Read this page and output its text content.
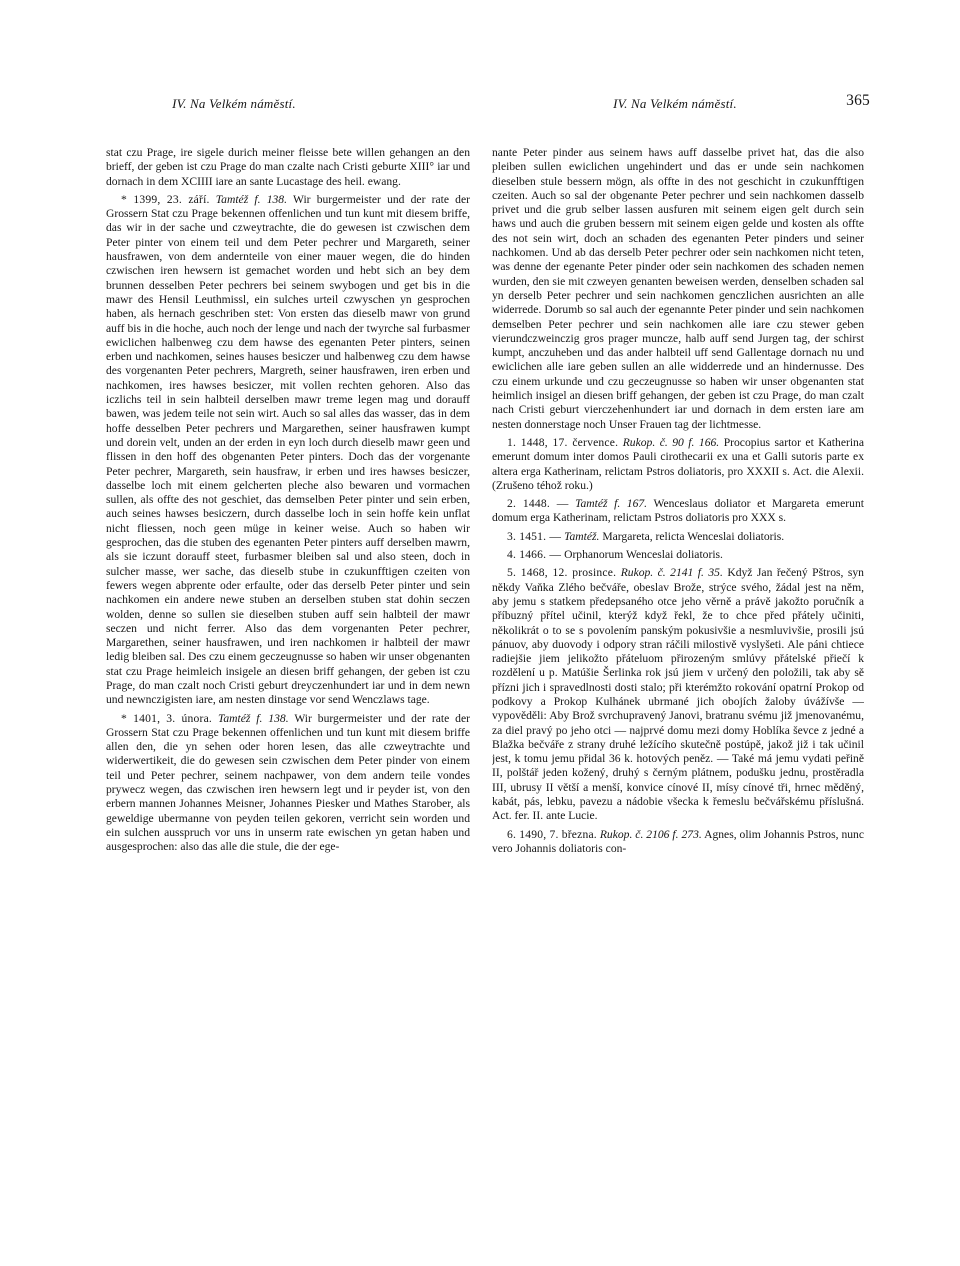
IV. Na Velkém náměstí.	IV. Na Velkém náměstí.	365

stat czu Prage, ire sigele durich meiner fleisse bete willen gehangen an den brieff, der geben ist czu Prage do man czalte nach Cristi geburte XIII° iar und dornach in dem XCIIII iare an sante Lucastage des heil. ewang.

* 1399, 23. září. Tamtéž f. 138. Wir burgermeister und der rate der Grossern Stat czu Prage bekennen offenlichen und tun kunt mit diesem briffe, das wir in der sache und czweytrachte, die do gewesen ist czwischen dem Peter pinter von einem teil und dem Peter pechrer und Margareth, seiner hausfrawen, von dem andernteile von einer mauer wegen, die do hinden czwischen iren hewsern ist gemachet worden und hebt sich an bey dem brunnen desselben Peter pechrers bei seinem swybogen und get bis in die mawr des Hensil Leuthmissl, ein sulches urteil czwyschen yn gesprochen haben, als hernach geschriben stet: Von ersten das dieselb mawr von grund auff bis in die hoche, auch noch der lenge und nach der twyrche sal furbasmer ewiclichen halbenweg czu dem hawse des egenanten Peter pinters, seinen erben und nachkomen, seines hauses besiczer und halbenweg czu dem hawse des vorgenanten Peter pechrers, Margreth, seiner hausfrawen, iren erben und nachkomen, ires hawses besiczer, mit vollen rechten gehoren. Also das iczlichs teil in sein halbteil derselben mawr treme legen mag und dorauff bawen, was jedem teile not sein wirt. Auch so sal alles das wasser, das in dem hoffe desselben Peter pechrers und Margarethen, seiner hausfrawen kumpt und dorein velt, unden an der erden in eyn loch durch dieselb mawr geen und flissen in den hoff des obgenanten Peter pinters. Doch das der vorgenante Peter pechrer, Margareth, sein hausfraw, ir erben und ires hawses besiczer, dasselbe loch mit einem gelcherten pleche also bewaren und vormachen sullen, als offte des not geschiet, das demselben Peter pinter und sein erben, auch seines hawses besiczern, durch dasselbe loch in sein hoffe kein unflat nicht fliessen, noch geen müge in keiner weise. Auch so haben wir gesprochen, das die stuben des egenanten Peter pinters auff derselben mawrn, als sie iczunt dorauff steet, furbasmer bleiben sal und also steen, doch in sulcher masse, wer sache, das dieselb stube in czukunfftigen czeiten von fewers wegen abprente oder erfaulte, oder das derselb Peter pinter und sein nachkomen ein andere newe stuben an derselben stuben stat dohin seczen wolden, denne so sullen sie dieselben stuben auff sein halbteil der mawr seczen und nicht ferrer. Also das dem vorgenanten Peter pechrer, Margarethen, seiner hausfrawen, und iren nachkomen ir halbteil der mawr ledig bleiben sal. Des czu einem geczeugnusse so haben wir unser obgenanten stat czu Prage heimleich insigele an diesen briff gehangen, der geben ist czu Prage, do man czalt noch Cristi geburt dreyczenhundert iar und in dem newn und newnczigisten iare, am nesten dinstage vor send Wenczlaws tage.

* 1401, 3. února. Tamtéž f. 138. Wir burgermeister und der rate der Grossern Stat czu Prage bekennen offenlichen und tun kunt mit diesem briffe allen den, die yn sehen oder horen lesen, das alle czweytrachte und widerwertikeit, die do gewesen sein czwischen dem Peter pinder von einem teil und Peter pechrer, seinem nachpawer, von dem andern teile vondes prywecz wegen, das czwischen iren hewsern legt und ir peyder ist, von den erbern mannen Johannes Meisner, Johannes Piesker und Mathes Starober, als geweldige ubermanne von peyden teilen gekoren, verricht sein worden und ein sulchen ausspruch vor uns in unserm rate ewischen yn getan haben und ausgesprochen: also das alle die stule, die der ege-

nante Peter pinder aus seinem haws auff dasselbe privet hat, das die also pleiben sullen ewiclichen ungehindert und das er unde sein nachkomen dieselben stule bessern mögn, als offte in des not geschicht in czukunfftigen czeiten. Auch so sal der obgenante Peter pechrer und sein nachkomen dasselb privet und die grub selber lassen ausfuren mit seinem eigen gelt durch sein haws und auch die gruben bessern mit seinem eigen gelde und kosten als offte des not sein wirt, doch an schaden des egenanten Peter pinders und seiner nachkomen. Und ab das derselb Peter pechrer oder sein nachkomen nicht teten, was denne der egenante Peter pinder oder sein nachkomen des schaden nemen wurden, den sie mit czweyen genanten beweisen werden, denselben schaden sal yn derselb Peter pechrer und sein nachkomen genczlichen ausrichten an alle widerrede. Dorumb so sal auch der egenannte Peter pinder und sein nachkomen demselben Peter pechrer und sein nachkomen alle iare czu stewer geben vierundczweinczig gros prager muncze, halb auff send Jurgen tag, der schirst kumpt, anczuheben und das ander halbteil uff send Gallentage dornach nu und ewiclichen alle iare geben sullen an alle widderrede und an hindernusse. Des czu einem urkunde und czu geczeugnusse so haben wir unser obgenanten stat heimlich insigel an diesen briff gehangen, der geben ist czu Prage, do man czalt nach Cristi geburt vierczehenhundert iar und dornach in dem ersten iare am nesten donnerstage noch Unser Frauen tag der lichtmesse.

1. 1448, 17. července. Rukop. č. 90 f. 166. Procopius sartor et Katherina emerunt domum inter domos Pauli cirothecarii ex una et Galli sutoris parte ex altera erga Katherinam, relictam Pstros doliatoris, pro XXXII s. Act. die Alexii. (Zrušeno téhož roku.)

2. 1448. — Tamtéž f. 167. Wenceslaus doliator et Margareta emerunt domum erga Katherinam, relictam Pstros doliatoris pro XXX s.

3. 1451. — Tamtéž. Margareta, relicta Wenceslai doliatoris.

4. 1466. — Orphanorum Wenceslai doliatoris.

5. 1468, 12. prosince. Rukop. č. 2141 f. 35. Když Jan řečený Pštros, syn někdy Vaňka Zlého bečváře, obeslav Brože, strýce svého, žádal jest na něm, aby jemu s statkem předepsaného otce jeho věrně a právě jakožto poručník a příbuzný přítel učinil, kterýž když řekl, že to chce před přátely učiniti, několikrát o to se s povolením panským pokusivšie a nesmluvivšie, prosili jsú pánuov, aby duovody i odpory stran ráčili milostivě vyslyšeti. Ale páni chtiece radiejšie jiem jelikožto přáteluom přirozeným smlúvy přátelské přiečí k rozdělení u p. Matúšie Šerlinka rok jsú jiem v určený den položili, tak aby sě přízni jich i spravedlnosti dosti stalo; při kterémžto rokování opatrní Prokop od podkovy a Prokop Kulhánek ubrmané jich obojích žaloby úvážívše — vypověděli: Aby Brož svrchupravený Janovi, bratranu svému již jmenovanému, za diel pravý po jeho otci — najprvé domu mezi domy Hoblíka ševce z jedné a Blažka bečváře z strany druhé ležícího skutečně postúpě, jakož již i tak učinil jest, k tomu jemu přidal 36 k. hotových peněz. — Také má jemu vydati peřině II, polštář jeden kožený, druhý s černým plátnem, podušku jednu, prostěradla III, ubrusy II větší a menší, konvice cínové II, mísy cínové tři, hrnec měděný, kabát, pás, lebku, pavezu a nádobie všecka k řemeslu bečvářskému příslušná. Act. fer. II. ante Lucie.

6. 1490, 7. března. Rukop. č. 2106 f. 273. Agnes, olim Johannis Pstros, nunc vero Johannis doliatoris con-
